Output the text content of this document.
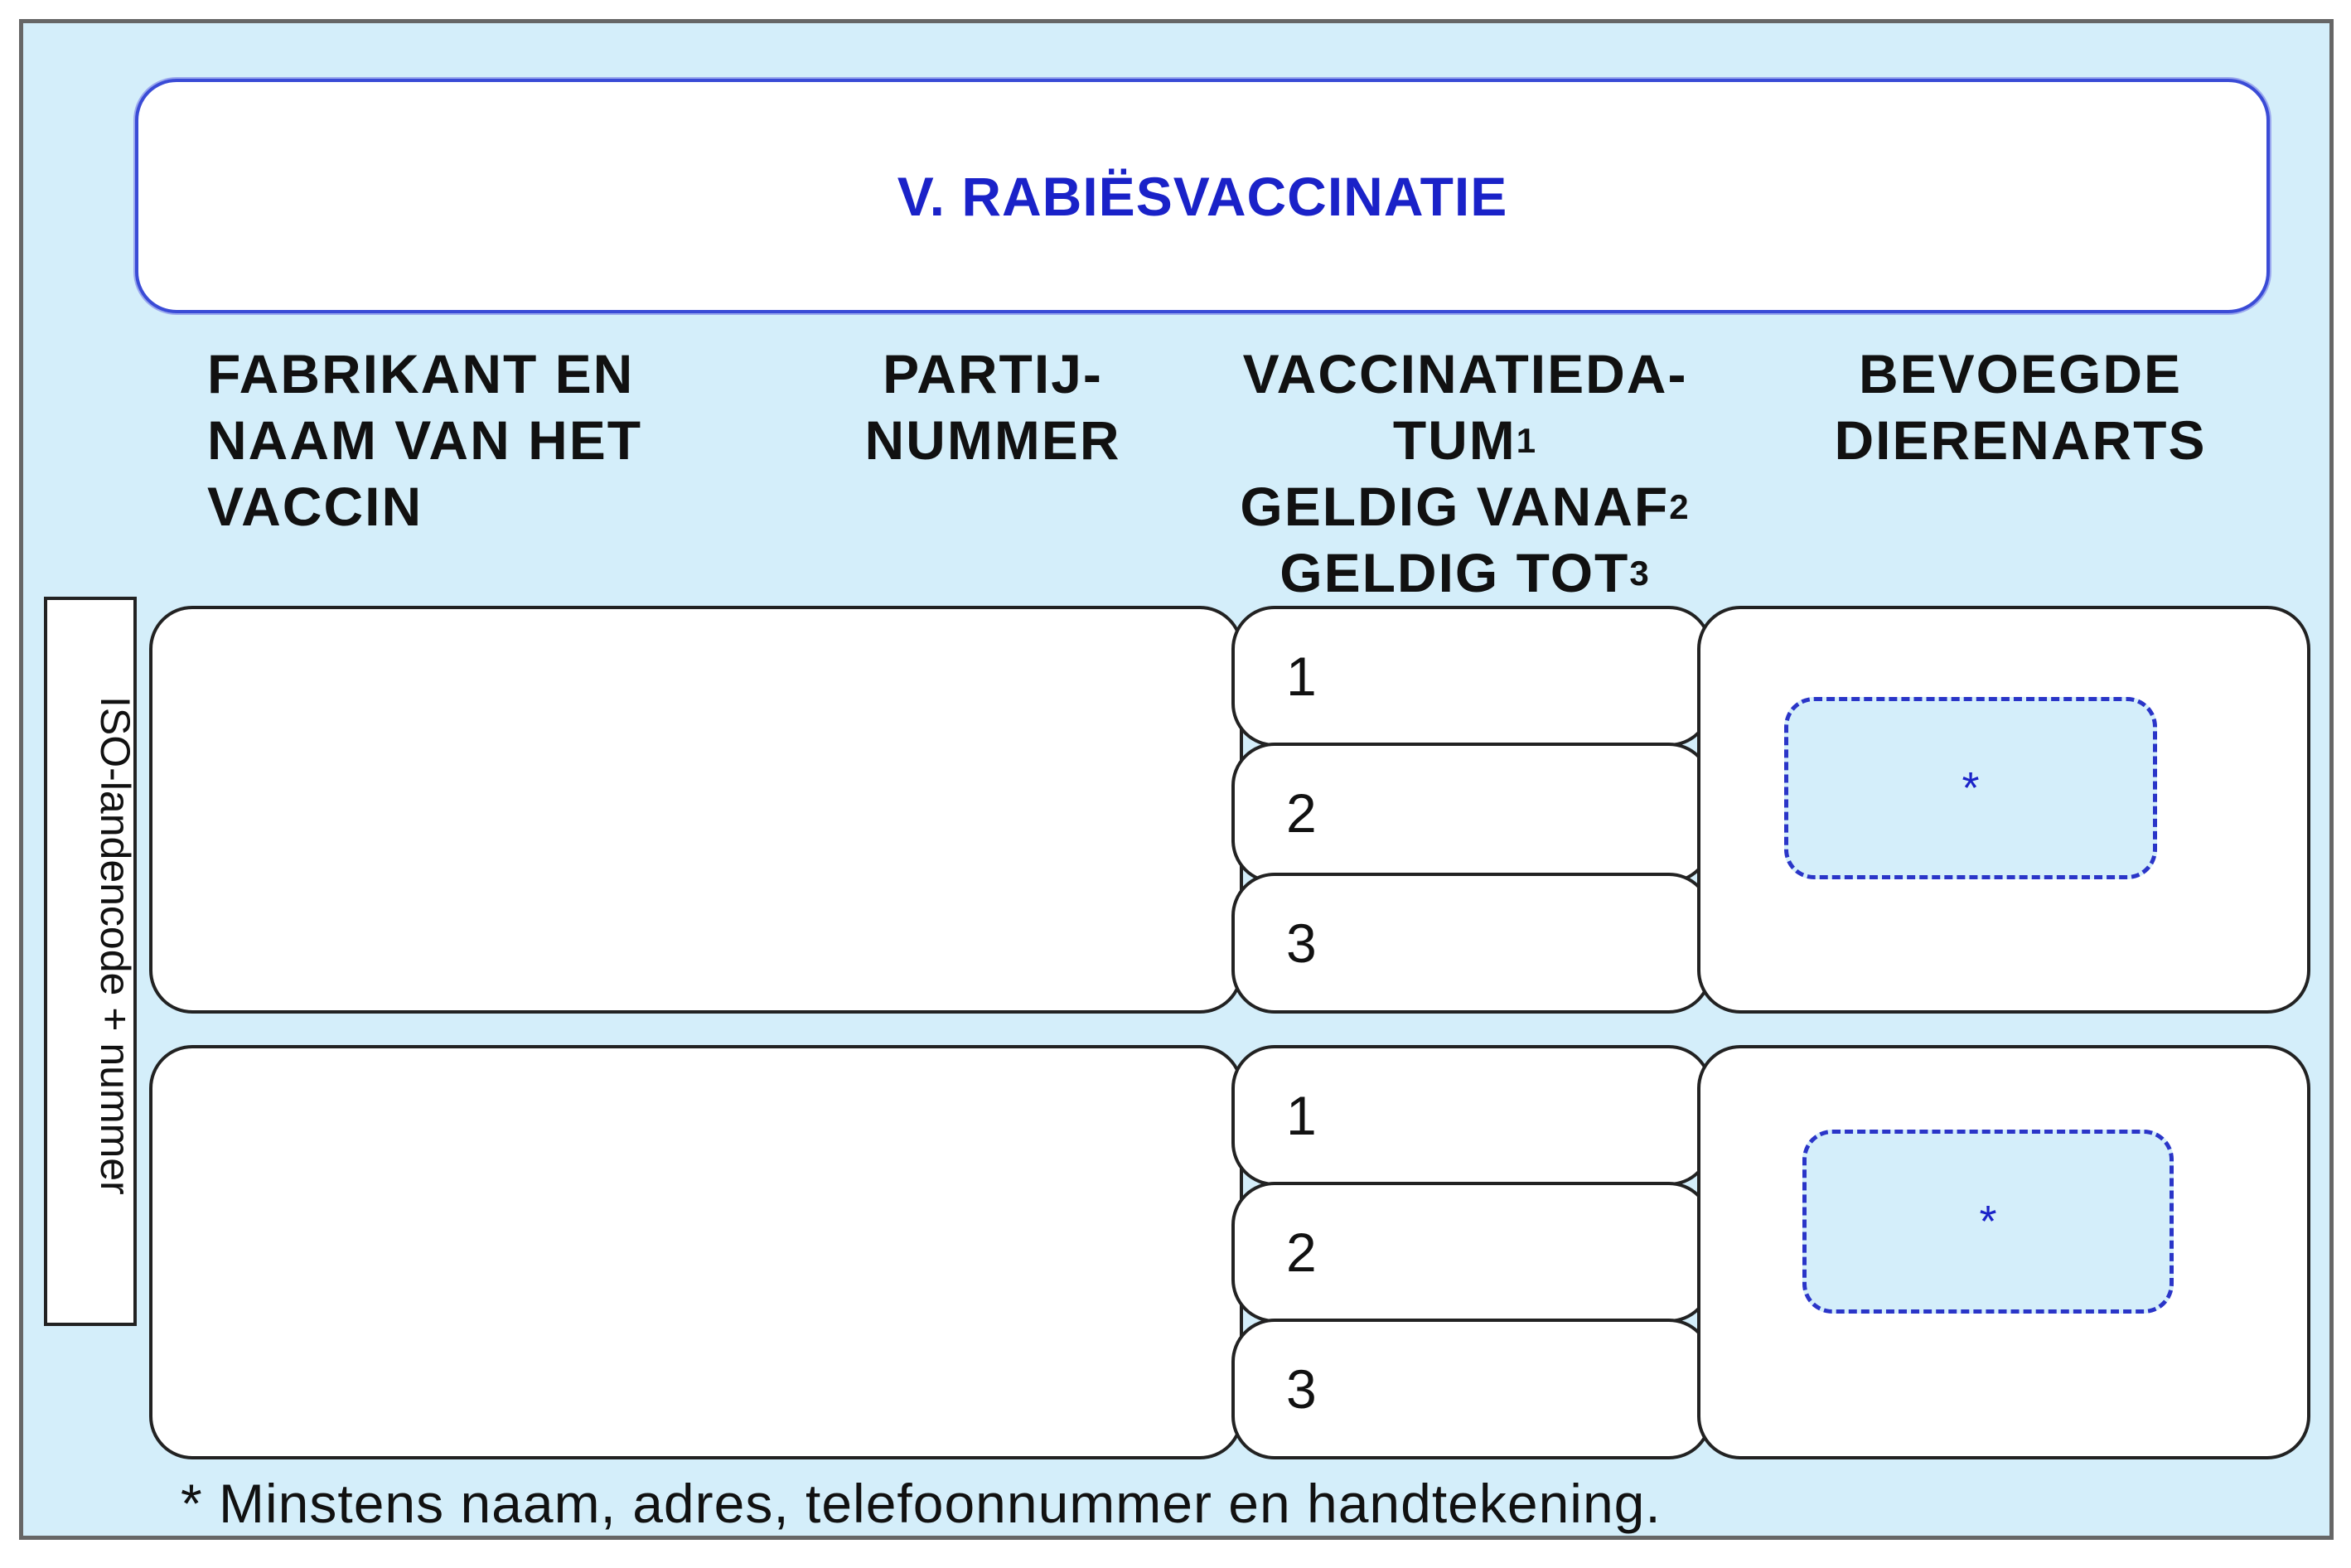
V. RABIËSVACCINATIE
FABRIKANT EN
NAAM VAN HET
VACCIN
PARTIJ-
NUMMER
VACCINATIEDA-
TUM$^1$
GELDIG VANAF$^2$
GELDIG TOT$^3$
BEVOEGDE
DIERENARTS
ISO-landencode + nummer
1
2
3
*
1
2
3
*
* Minstens naam, adres, telefoonnummer en handtekening.
